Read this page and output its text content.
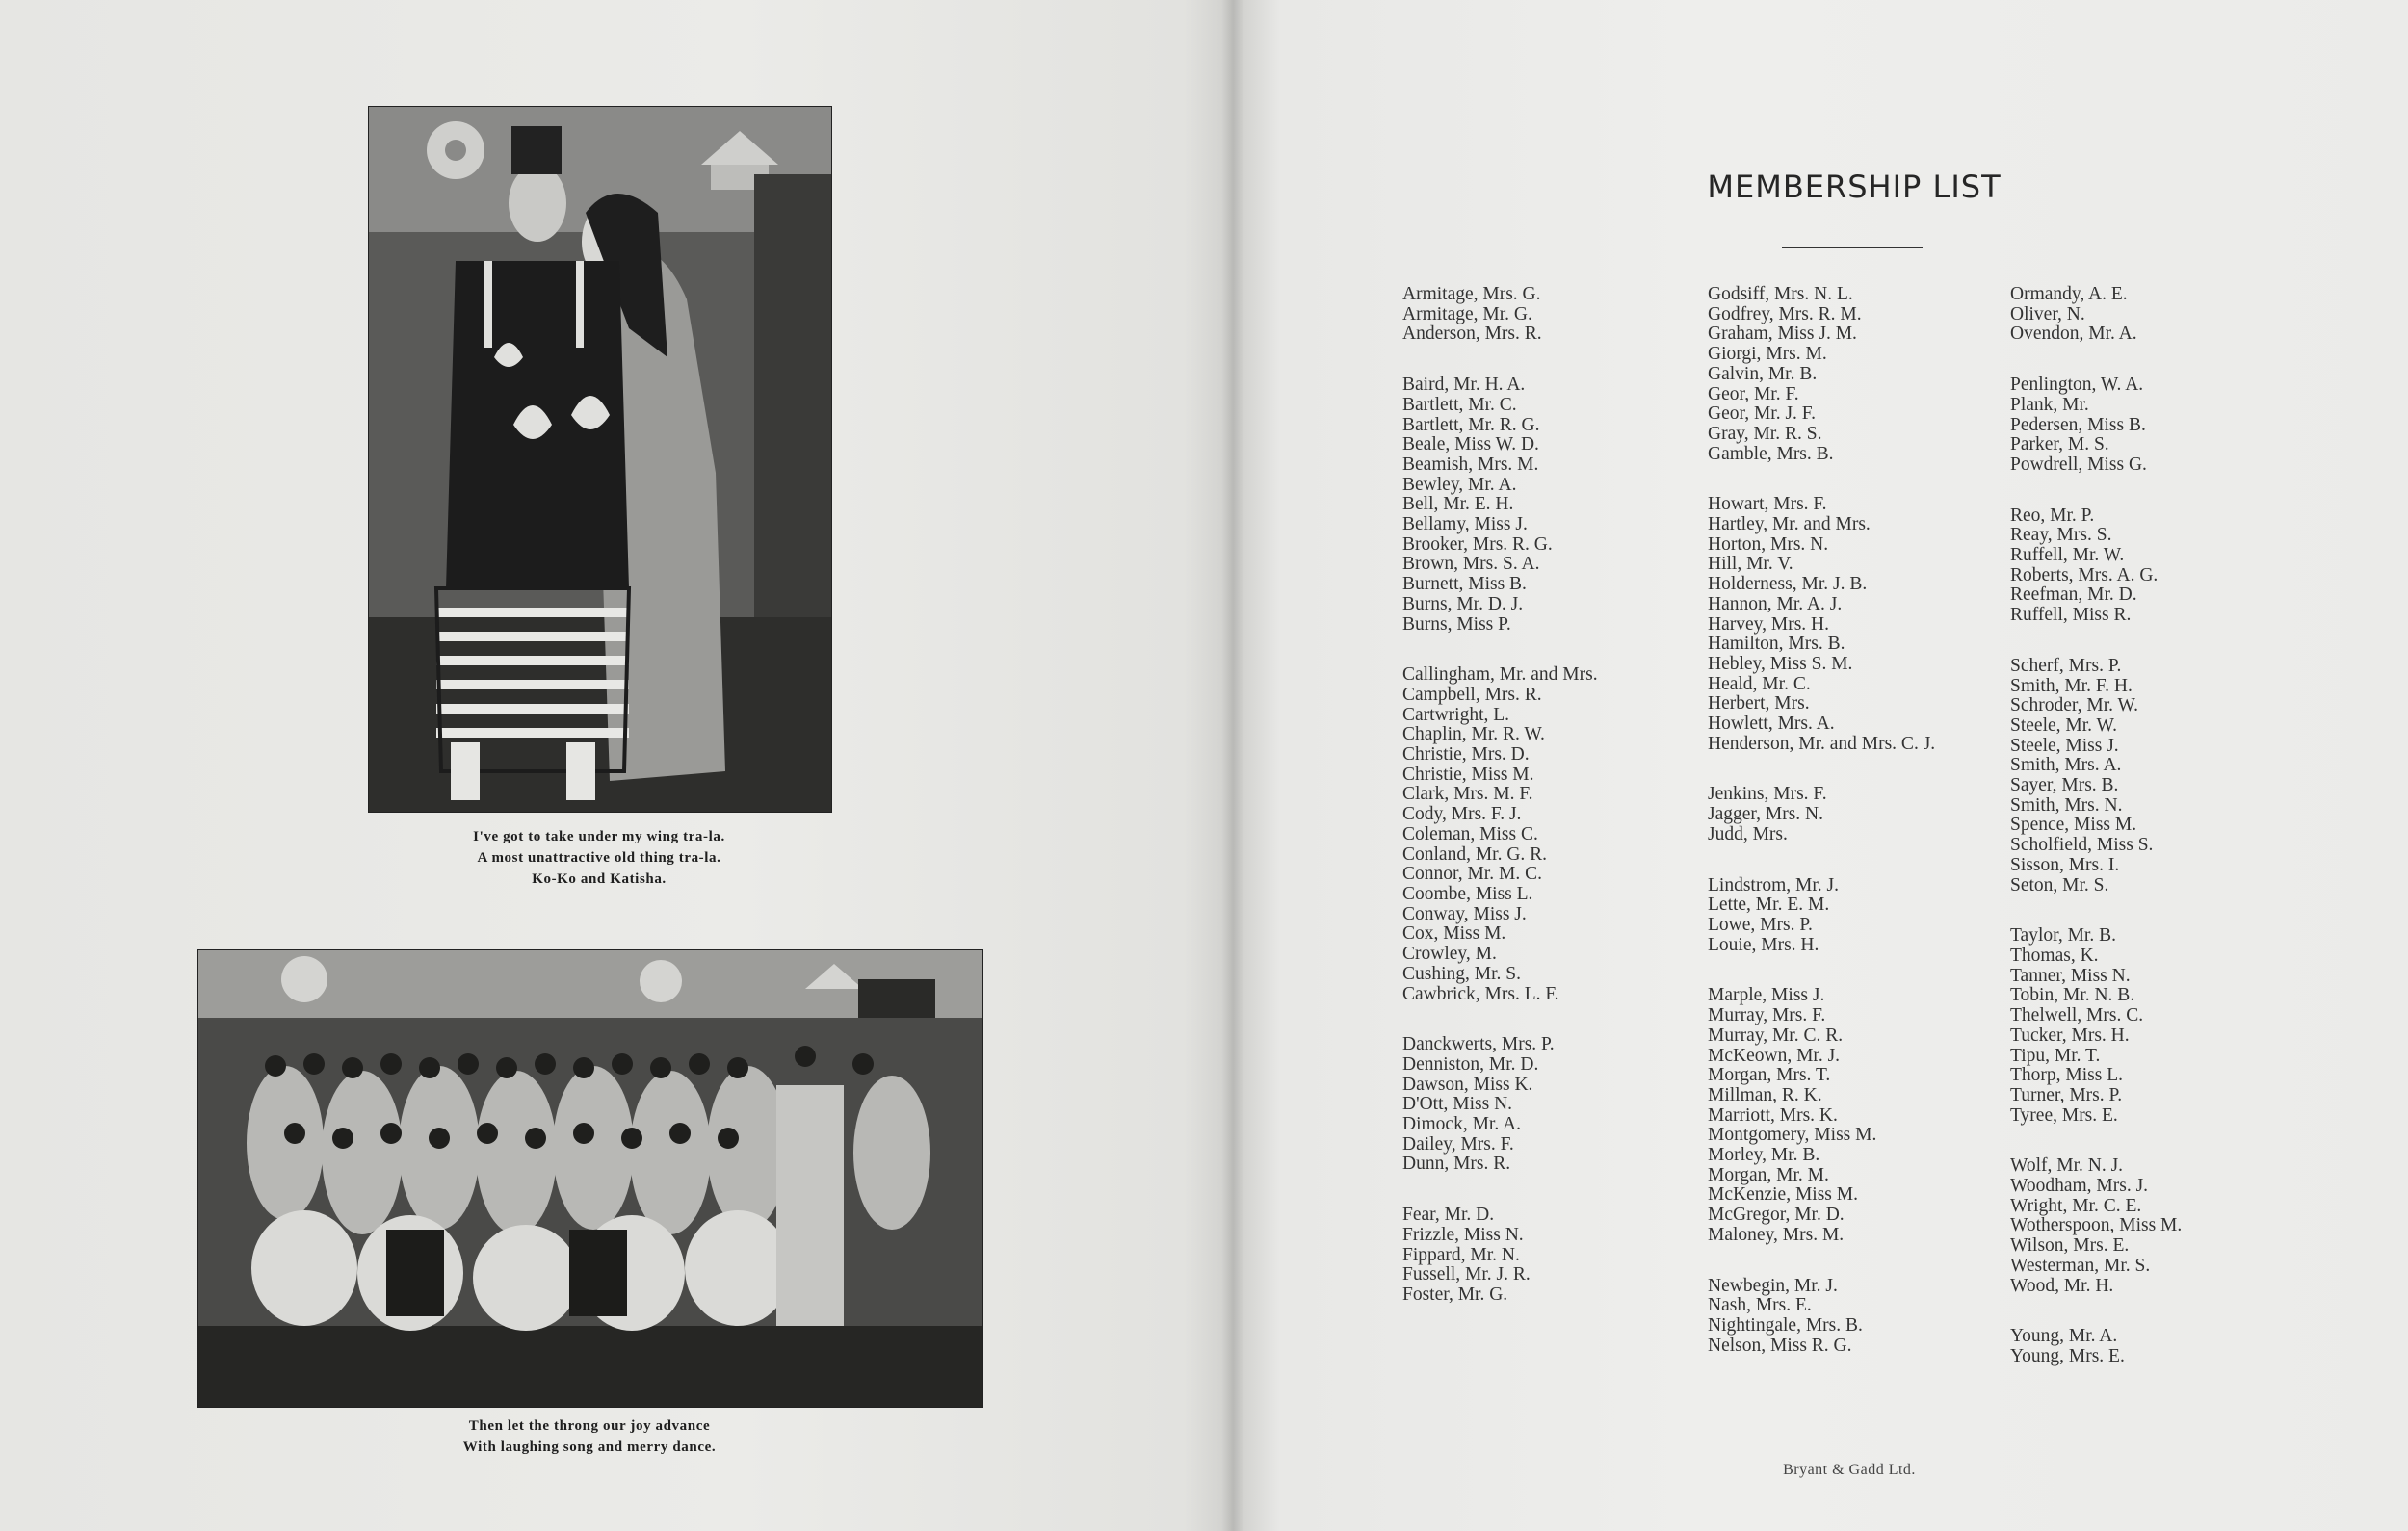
I've got to take under my wing tra-la.
A most unattractive old thing tra-la.
Ko-Ko and Katisha.
Then let the throng our joy advance
With laughing song and merry dance.
MEMBERSHIP LIST
Armitage, Mrs. G.
Armitage, Mr. G.
Anderson, Mrs. R.
Baird, Mr. H. A.
Bartlett, Mr. C.
Bartlett, Mr. R. G.
Beale, Miss W. D.
Beamish, Mrs. M.
Bewley, Mr. A.
Bell, Mr. E. H.
Bellamy, Miss J.
Brooker, Mrs. R. G.
Brown, Mrs. S. A.
Burnett, Miss B.
Burns, Mr. D. J.
Burns, Miss P.
Callingham, Mr. and Mrs.
Campbell, Mrs. R.
Cartwright, L.
Chaplin, Mr. R. W.
Christie, Mrs. D.
Christie, Miss M.
Clark, Mrs. M. F.
Cody, Mrs. F. J.
Coleman, Miss C.
Conland, Mr. G. R.
Connor, Mr. M. C.
Coombe, Miss L.
Conway, Miss J.
Cox, Miss M.
Crowley, M.
Cushing, Mr. S.
Cawbrick, Mrs. L. F.
Danckwerts, Mrs. P.
Denniston, Mr. D.
Dawson, Miss K.
D'Ott, Miss N.
Dimock, Mr. A.
Dailey, Mrs. F.
Dunn, Mrs. R.
Fear, Mr. D.
Frizzle, Miss N.
Fippard, Mr. N.
Fussell, Mr. J. R.
Foster, Mr. G.
Godsiff, Mrs. N. L.
Godfrey, Mrs. R. M.
Graham, Miss J. M.
Giorgi, Mrs. M.
Galvin, Mr. B.
Geor, Mr. F.
Geor, Mr. J. F.
Gray, Mr. R. S.
Gamble, Mrs. B.
Howart, Mrs. F.
Hartley, Mr. and Mrs.
Horton, Mrs. N.
Hill, Mr. V.
Holderness, Mr. J. B.
Hannon, Mr. A. J.
Harvey, Mrs. H.
Hamilton, Mrs. B.
Hebley, Miss S. M.
Heald, Mr. C.
Herbert, Mrs.
Howlett, Mrs. A.
Henderson, Mr. and Mrs. C. J.
Jenkins, Mrs. F.
Jagger, Mrs. N.
Judd, Mrs.
Lindstrom, Mr. J.
Lette, Mr. E. M.
Lowe, Mrs. P.
Louie, Mrs. H.
Marple, Miss J.
Murray, Mrs. F.
Murray, Mr. C. R.
McKeown, Mr. J.
Morgan, Mrs. T.
Millman, R. K.
Marriott, Mrs. K.
Montgomery, Miss M.
Morley, Mr. B.
Morgan, Mr. M.
McKenzie, Miss M.
McGregor, Mr. D.
Maloney, Mrs. M.
Newbegin, Mr. J.
Nash, Mrs. E.
Nightingale, Mrs. B.
Nelson, Miss R. G.
Ormandy, A. E.
Oliver, N.
Ovendon, Mr. A.
Penlington, W. A.
Plank, Mr.
Pedersen, Miss B.
Parker, M. S.
Powdrell, Miss G.
Reo, Mr. P.
Reay, Mrs. S.
Ruffell, Mr. W.
Roberts, Mrs. A. G.
Reefman, Mr. D.
Ruffell, Miss R.
Scherf, Mrs. P.
Smith, Mr. F. H.
Schroder, Mr. W.
Steele, Mr. W.
Steele, Miss J.
Smith, Mrs. A.
Sayer, Mrs. B.
Smith, Mrs. N.
Spence, Miss M.
Scholfield, Miss S.
Sisson, Mrs. I.
Seton, Mr. S.
Taylor, Mr. B.
Thomas, K.
Tanner, Miss N.
Tobin, Mr. N. B.
Thelwell, Mrs. C.
Tucker, Mrs. H.
Tipu, Mr. T.
Thorp, Miss L.
Turner, Mrs. P.
Tyree, Mrs. E.
Wolf, Mr. N. J.
Woodham, Mrs. J.
Wright, Mr. C. E.
Wotherspoon, Miss M.
Wilson, Mrs. E.
Westerman, Mr. S.
Wood, Mr. H.
Young, Mr. A.
Young, Mrs. E.
Bryant & Gadd Ltd.
